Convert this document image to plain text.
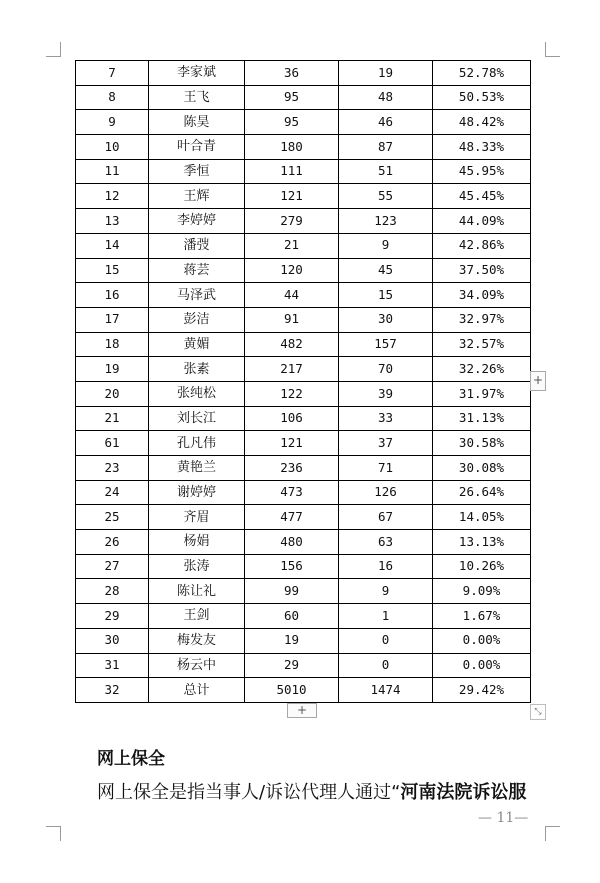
7	李家斌	36	19	52.78%
8	王飞	95	48	50.53%
9	陈昊	95	46	48.42%
10	叶合青	180	87	48.33%
11	季恒	111	51	45.95%
12	王辉	121	55	45.45%
13	李婷婷	279	123	44.09%
14	潘弢	21	9	42.86%
15	蒋芸	120	45	37.50%
16	马泽武	44	15	34.09%
17	彭洁	91	30	32.97%
18	黄媚	482	157	32.57%
19	张素	217	70	32.26%
20	张纯松	122	39	31.97%
21	刘长江	106	33	31.13%
61	孔凡伟	121	37	30.58%
23	黄艳兰	236	71	30.08%
24	谢婷婷	473	126	26.64%
25	齐眉	477	67	14.05%
26	杨娟	480	63	13.13%
27	张涛	156	16	10.26%
28	陈让礼	99	9	9.09%
29	王剑	60	1	1.67%
30	梅发友	19	0	0.00%
31	杨云中	29	0	0.00%
32	总计	5010	1474	29.42%
+
+	⤡
网上保全

网上保全是指当事人/诉讼代理人通过“河南法院诉讼服

— 11—
